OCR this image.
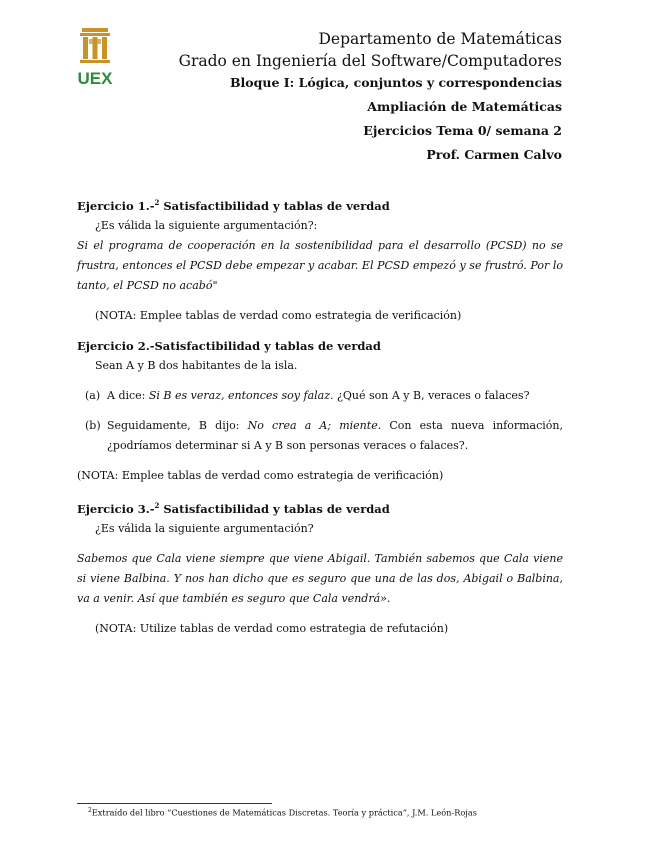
UEX
Departamento de Matemáticas
Grado en Ingeniería del Software/Computadores
Bloque I: Lógica, conjuntos y correspondencias
Ampliación de Matemáticas
Ejercicios Tema 0/ semana 2
Prof. Carmen Calvo

Ejercicio 1.-$^2$ Satisfactibilidad y tablas de verdad

¿Es válida la siguiente argumentación?:
Si el programa de cooperación en la sostenibilidad para el desarrollo (PCSD) no se frustra, entonces el PCSD debe empezar y acabar. El PCSD empezó y se frustró. Por lo tanto, el PCSD no acabó"
(NOTA: Emplee tablas de verdad como estrategia de verificación)

Ejercicio 2.-Satisfactibilidad y tablas de verdad

Sean A y B dos habitantes de la isla.
(a) A dice: Si B es veraz, entonces soy falaz. ¿Qué son A y B, veraces o falaces?
(b) Seguidamente, B dijo: No crea a A; miente. Con esta nueva información, ¿podríamos determinar si A y B son personas veraces o falaces?.
(NOTA: Emplee tablas de verdad como estrategia de verificación)

Ejercicio 3.-$^2$ Satisfactibilidad y tablas de verdad

¿Es válida la siguiente argumentación?
Sabemos que Cala viene siempre que viene Abigail. También sabemos que Cala viene si viene Balbina. Y nos han dicho que es seguro que una de las dos, Abigail o Balbina, va a venir. Así que también es seguro que Cala vendrá».
(NOTA: Utilize tablas de verdad como estrategia de refutación)
$^2$Extraído del libro “Cuestiones de Matemáticas Discretas. Teoría y práctica”, J.M. León-Rojas
